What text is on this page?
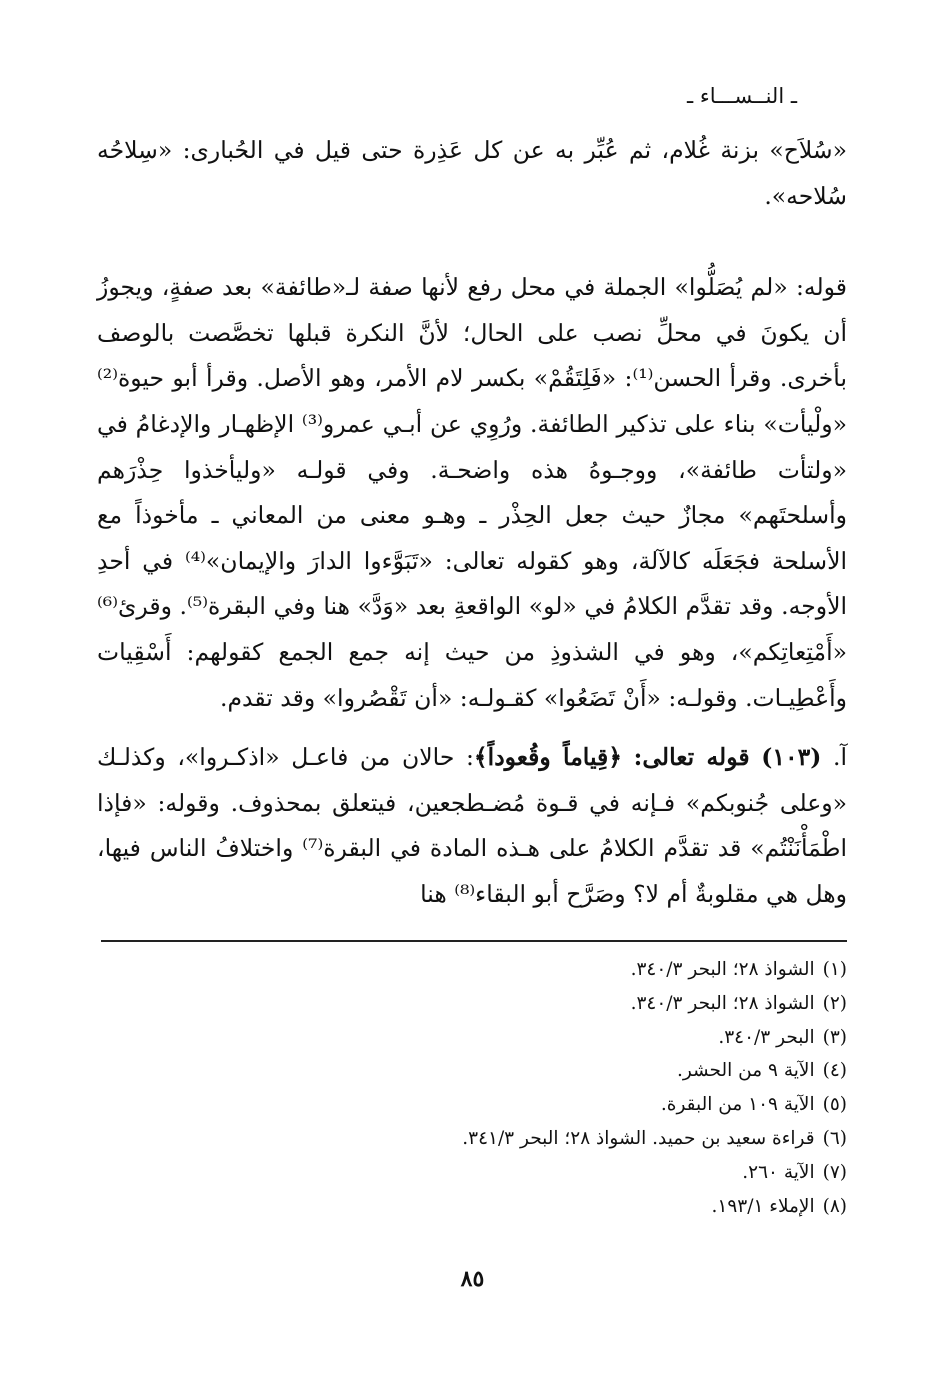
ـ النــســـاء ـ

«سُلاَح» بزنة غُلام، ثم عُبِّر به عن كل عَذِرة حتى قيل في الحُبارى: «سِلاحُه سُلاحه».

قوله: «لم يُصَلُّوا» الجملة في محل رفع لأنها صفة لـ«طائفة» بعد صفةٍ، ويجوزُ أن يكونَ في محلِّ نصب على الحال؛ لأنَّ النكرة قبلها تخصَّصت بالوصف بأخرى. وقرأ الحسن⁽¹⁾: «فَلِتَقُمْ» بكسر لام الأمر، وهو الأصل. وقرأ أبو حيوة⁽²⁾ «ولْيأت» بناء على تذكير الطائفة. ورُوِي عن أبـي عمرو⁽³⁾ الإظهـار والإدغامُ في «ولتأت طائفة»، ووجـوهُ هذه واضحـة. وفي قولـه «وليأخذوا حِذْرَهم وأسلحتَهم» مجازٌ حيث جعل الحِذْر ـ وهـو معنى من المعاني ـ مأخوذاً مع الأسلحة فجَعَلَه كالآلة، وهو كقوله تعالى: «تَبَوَّءوا الدارَ والإيمان»⁽⁴⁾ في أحدِ الأوجه. وقد تقدَّم الكلامُ في «لو» الواقعةِ بعد «وَدَّ» هنا وفي البقرة⁽⁵⁾. وقرئ⁽⁶⁾ «أَمْتِعاتِكم»، وهو في الشذوذِ من حيث إنه جمع الجمع كقولهم: أَسْقِيات وأَعْطِيـات. وقولـه: «أَنْ تَضَعُوا» كقـولـه: «أن تَقْصُروا» وقد تقدم.

آ. (١٠٣) قوله تعالى: ﴿قِياماً وقُعوداً﴾: حالان من فاعـل «اذكـروا»، وكذلـك «وعلى جُنوبكم» فـإنه في قـوة مُضـطجعين، فيتعلق بمحذوف. وقوله: «فإذا اطْمَأْنَنْتُم» قد تقدَّم الكلامُ على هـذه المادة في البقرة⁽⁷⁾ واختلافُ الناس فيها، وهل هي مقلوبةٌ أم لا؟ وصَرَّح أبو البقاء⁽⁸⁾ هنا

(١)الشواذ ٢٨؛ البحر ٣٤٠/٣.
(٢)الشواذ ٢٨؛ البحر ٣٤٠/٣.
(٣)البحر ٣٤٠/٣.
(٤)الآية ٩ من الحشر.
(٥)الآية ١٠٩ من البقرة.
(٦)قراءة سعيد بن حميد. الشواذ ٢٨؛ البحر ٣٤١/٣.
(٧)الآية ٢٦٠.
(٨)الإملاء ١٩٣/١.
٨٥
